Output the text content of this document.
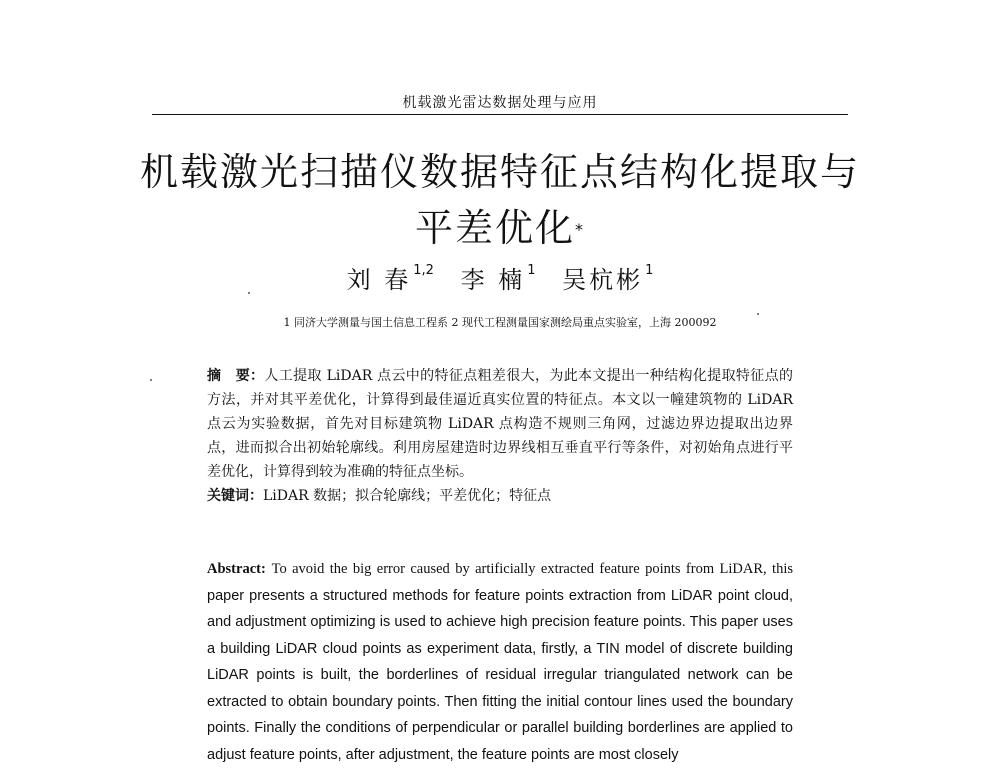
机载激光雷达数据处理与应用
机载激光扫描仪数据特征点结构化提取与
平差优化*
刘 春 $^{1,2}$ 李 楠 $^1$ 吴杭彬 $^1$
1 同济大学测量与国土信息工程系 2 现代工程测量国家测绘局重点实验室，上海 200092
摘　要：人工提取 LiDAR 点云中的特征点粗差很大，为此本文提出一种结构化提取特征点的方法，并对其平差优化，计算得到最佳逼近真实位置的特征点。本文以一幢建筑物的 LiDAR 点云为实验数据，首先对目标建筑物 LiDAR 点构造不规则三角网，过滤边界边提取出边界点，进而拟合出初始轮廓线。利用房屋建造时边界线相互垂直平行等条件，对初始角点进行平差优化，计算得到较为准确的特征点坐标。
关键词：LiDAR 数据；拟合轮廓线；平差优化；特征点
Abstract: To avoid the big error caused by artificially extracted feature points from LiDAR, this paper presents a structured methods for feature points extraction from LiDAR point cloud, and adjustment optimizing is used to achieve high precision feature points. This paper uses a building LiDAR cloud points as experiment data, firstly, a TIN model of discrete building LiDAR points is built, the borderlines of residual irregular triangulated network can be extracted to obtain boundary points. Then fitting the initial contour lines used the boundary points. Finally the conditions of perpendicular or parallel building borderlines are applied to adjust feature points, after adjustment, the feature points are most closely
